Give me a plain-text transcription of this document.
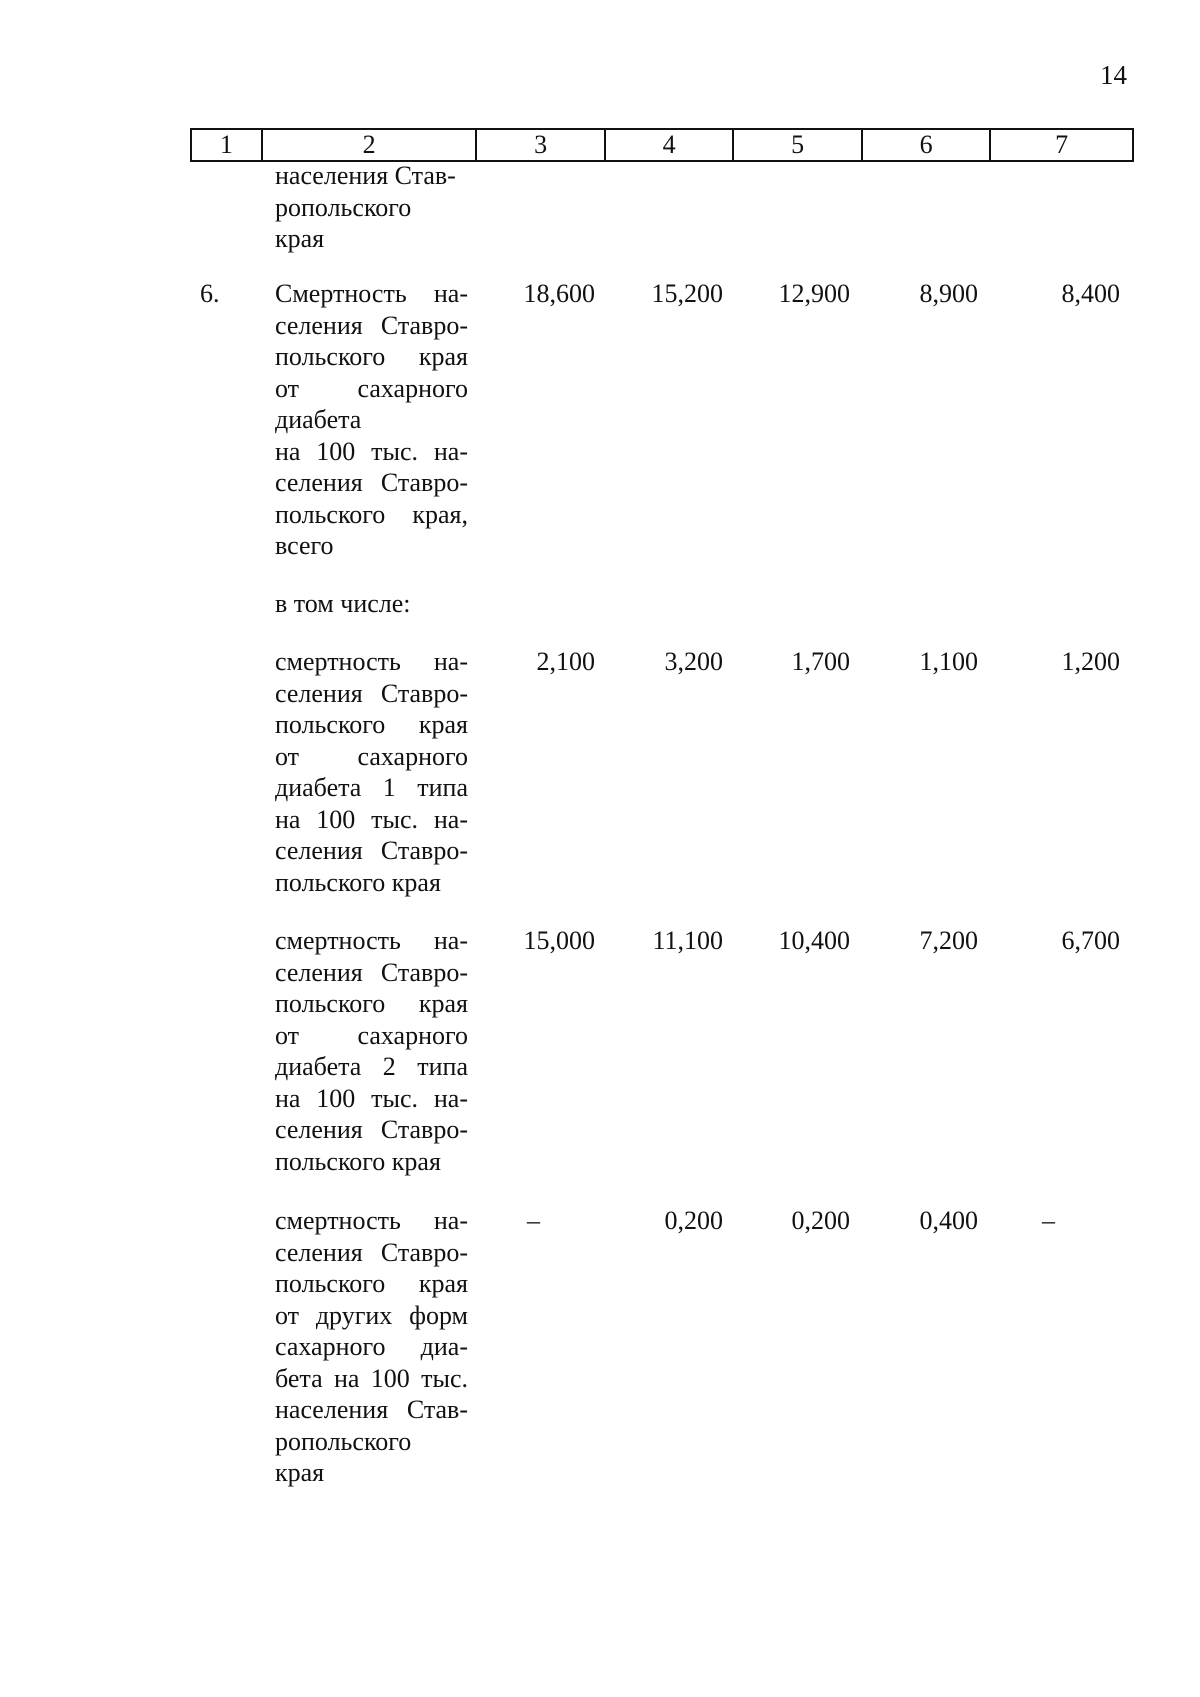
14
1	2	3	4	5	6	7
населения Став-
ропольского
края
6. Смертность на-
селения Ставро-
польского края
от сахарного
диабета
на 100 тыс. на-
селения Ставро-
польского края,
всего
18,600	15,200	12,900	8,900	8,400
в том числе:
смертность на-
селения Ставро-
польского края
от сахарного
диабета 1 типа
на 100 тыс. на-
селения Ставро-
польского края
2,100	3,200	1,700	1,100	1,200
смертность на-
селения Ставро-
польского края
от сахарного
диабета 2 типа
на 100 тыс. на-
селения Ставро-
польского края
15,000	11,100	10,400	7,200	6,700
смертность на-
селения Ставро-
польского края
от других форм
сахарного диа-
бета на 100 тыс.
населения Став-
ропольского
края
–	0,200	0,200	0,400 –
